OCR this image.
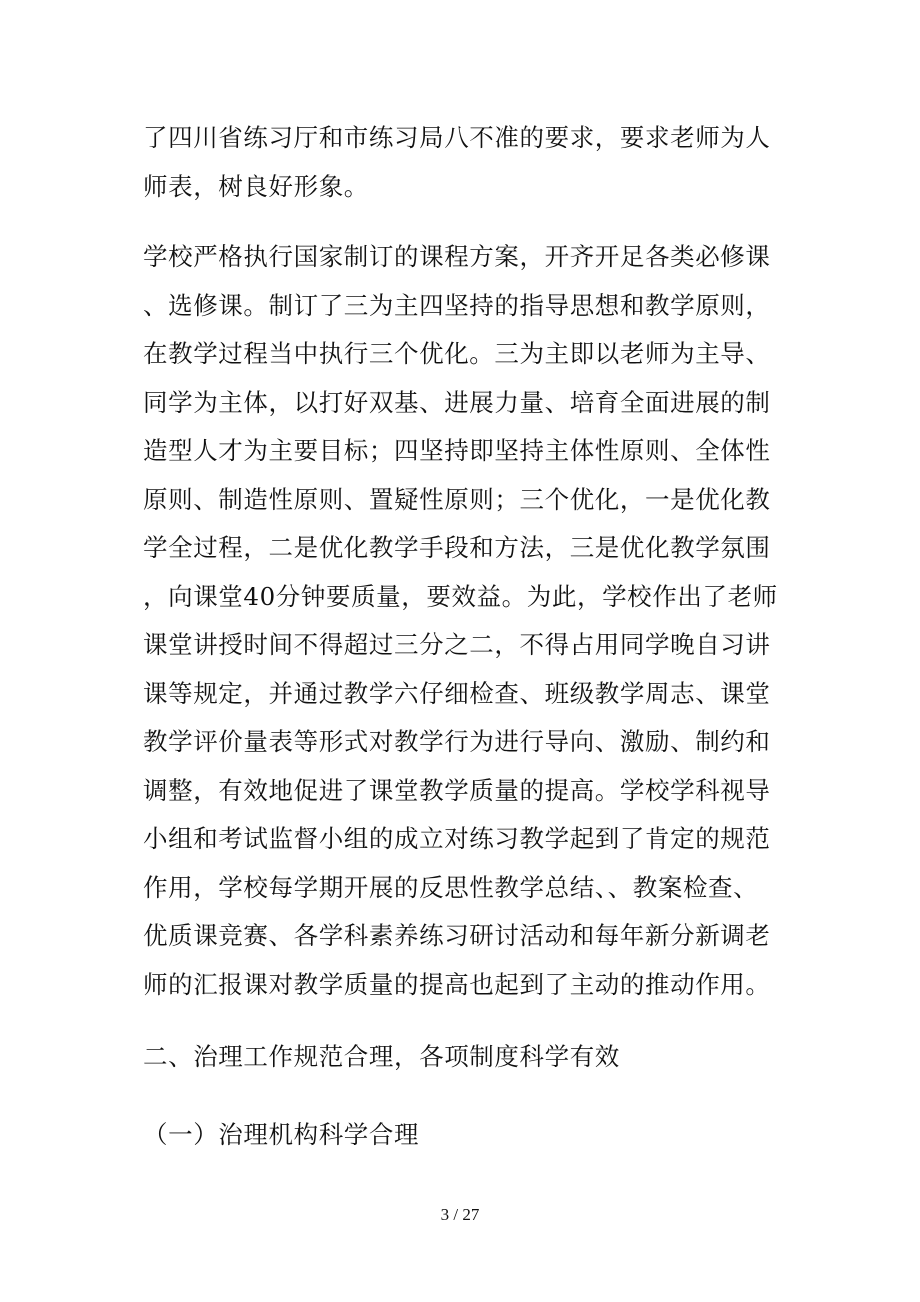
了四川省练习厅和市练习局八不准的要求，要求老师为人
师表，树良好形象。
学校严格执行国家制订的课程方案，开齐开足各类必修课
、选修课。制订了三为主四坚持的指导思想和教学原则，
在教学过程当中执行三个优化。三为主即以老师为主导、
同学为主体，以打好双基、进展力量、培育全面进展的制
造型人才为主要目标；四坚持即坚持主体性原则、全体性
原则、制造性原则、置疑性原则；三个优化，一是优化教
学全过程，二是优化教学手段和方法，三是优化教学氛围
，向课堂40分钟要质量，要效益。为此，学校作出了老师
课堂讲授时间不得超过三分之二，不得占用同学晚自习讲
课等规定，并通过教学六仔细检查、班级教学周志、课堂
教学评价量表等形式对教学行为进行导向、激励、制约和
调整，有效地促进了课堂教学质量的提高。学校学科视导
小组和考试监督小组的成立对练习教学起到了肯定的规范
作用，学校每学期开展的反思性教学总结、、教案检查、
优质课竞赛、各学科素养练习研讨活动和每年新分新调老
师的汇报课对教学质量的提高也起到了主动的推动作用。
二、治理工作规范合理，各项制度科学有效
（一）治理机构科学合理
3 / 27
